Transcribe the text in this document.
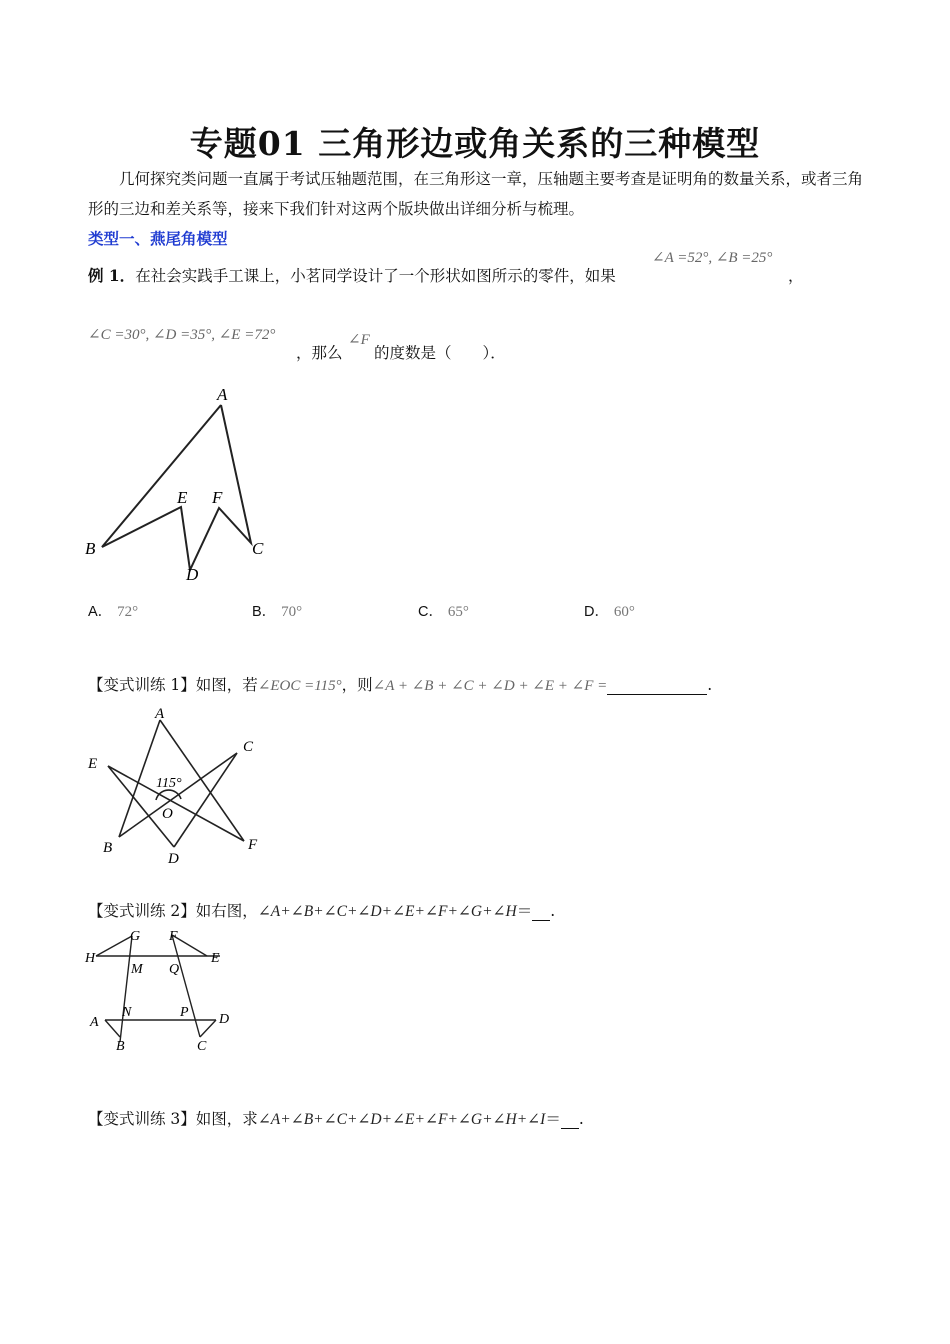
专题01 三角形边或角关系的三种模型
几何探究类问题一直属于考试压轴题范围，在三角形这一章，压轴题主要考查是证明角的数量关系，或者三角形的三边和差关系等，接来下我们针对这两个版块做出详细分析与梳理。
类型一、燕尾角模型
例 1．在社会实践手工课上，小茗同学设计了一个形状如图所示的零件，如果
∠A =52°, ∠B =25°
，
∠C =30°, ∠D =35°, ∠E =72°
，那么
∠F
的度数是（　　）．
A
B	C
D
E F
A． 72°	B． 70°	C． 65°	D． 60°
【变式训练 1】如图，若∠EOC =115°，则∠A + ∠B + ∠C + ∠D + ∠E + ∠F =	.
A
B
C
D
E
F
O
115°
【变式训练 2】如右图，∠A+∠B+∠C+∠D+∠E+∠F+∠G+∠H＝ .
G F
H	E
M Q
N	P
A	D
B	C
【变式训练 3】如图，求∠A+∠B+∠C+∠D+∠E+∠F+∠G+∠H+∠I＝ .
